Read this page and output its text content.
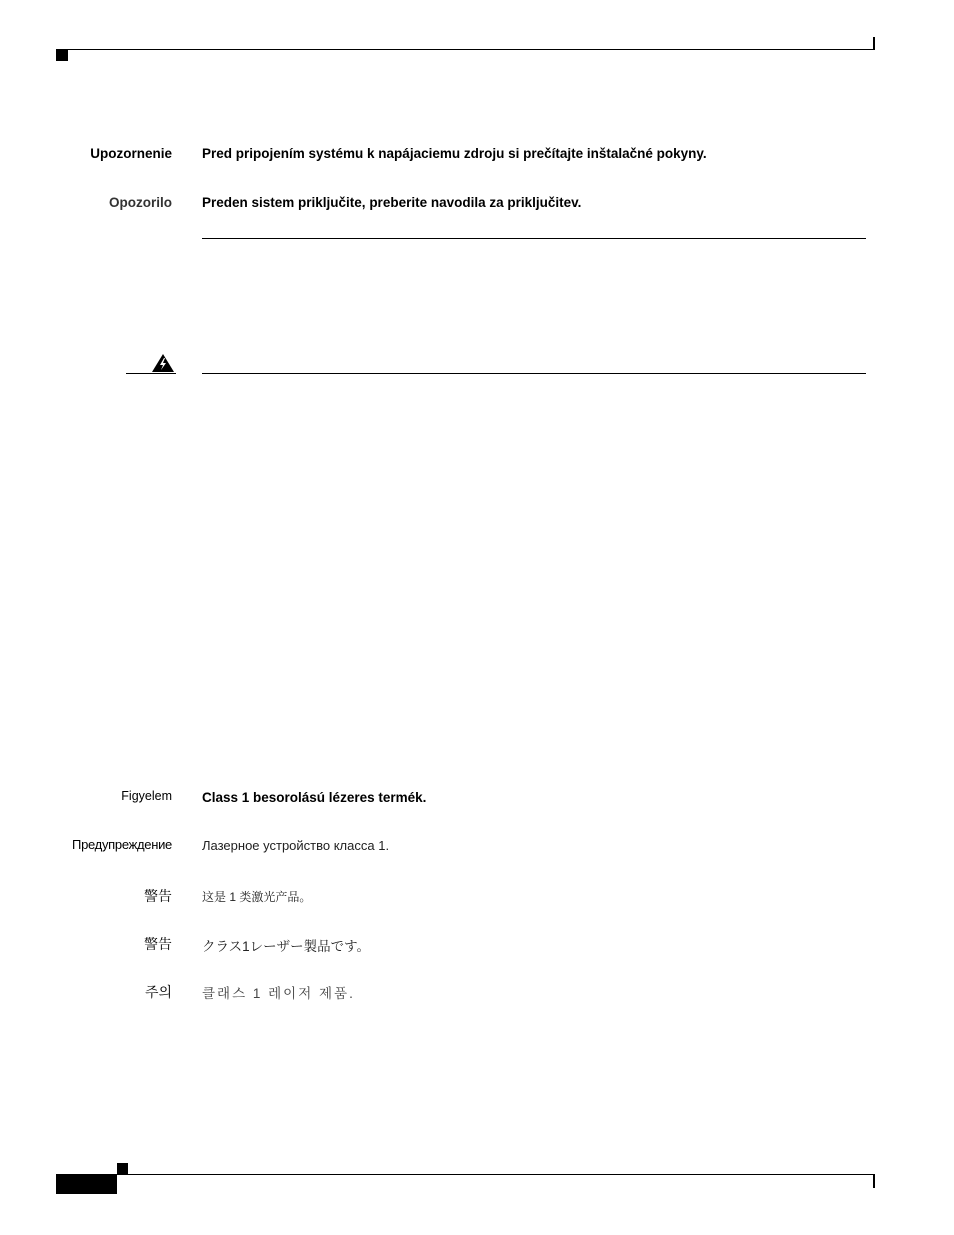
Upozornenie Pred pripojením systému k napájaciemu zdroju si prečítajte inštalačné pokyny.
Opozorilo Preden sistem priključite, preberite navodila za priključitev.
Figyelem Class 1 besorolású lézeres termék.
Предупреждение Лазерное устройство класса 1.
警告	这是 1 类激光产品。
警告 クラス1レーザー製品です。
주의 클래스 1 레이저 제품.
